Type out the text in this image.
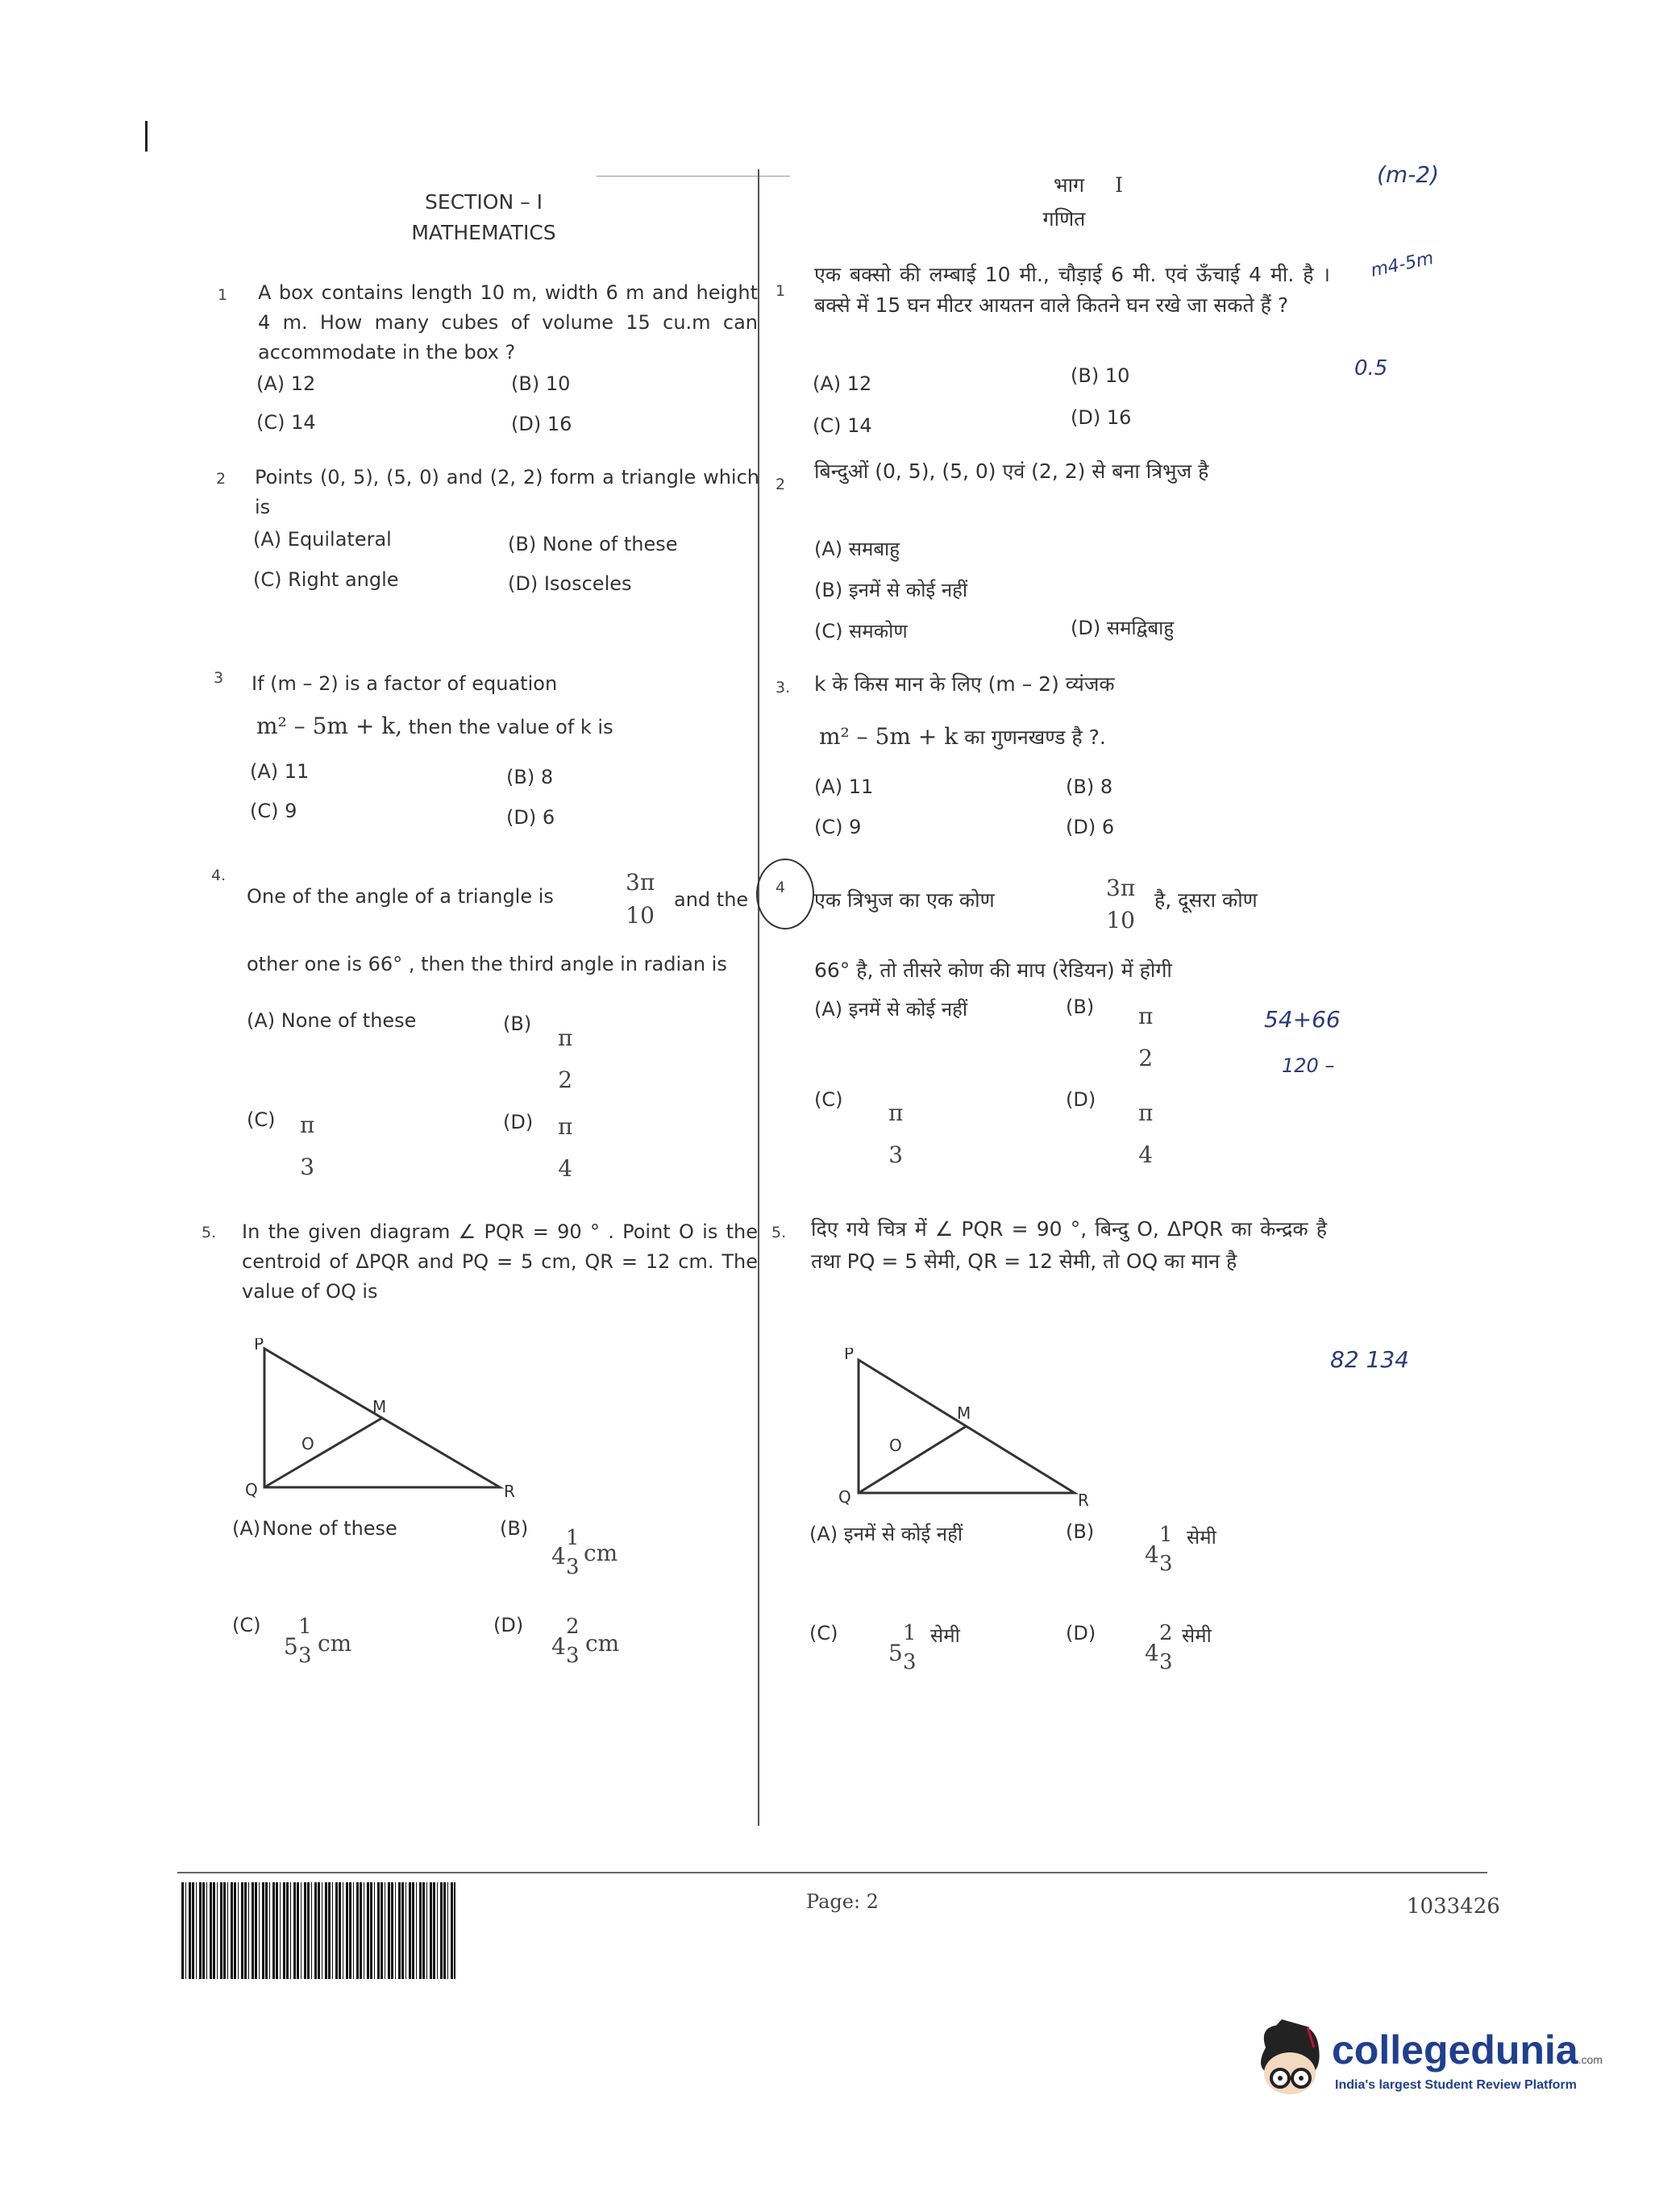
SECTION – I
MATHEMATICS
भाग I
गणित
1 A box contains length 10 m, width 6 m and height 4 m. How many cubes of volume 15 cu.m can accommodate in the box ?
(A) 12	(B) 10
(C) 14	(D) 16
2 Points (0, 5), (5, 0) and (2, 2) form a triangle which is
(A) Equilateral	(B) None of these
(C) Right angle	(D) Isosceles
3 If (m – 2) is a factor of equation
m² – 5m + k, then the value of k is
(A) 11	(B) 8
(C) 9	(D) 6
4.
One of the angle of a triangle is	$\frac{3\pi}{10}$ and the
other one is 66° , then the third angle in radian is
(A) None of these	(B)
π
2
(C) π
3
(D) π
4
5. In the given diagram ∠ PQR = 90 ° . Point O is the centroid of ΔPQR and PQ = 5 cm, QR = 12 cm. The value of OQ is
P
Q	R
M
O
(A)None of these	(B)
4
1
3
cm
(C)
5
1
3 cm
(D)
4
2
3 cm
1
एक बक्सो की लम्बाई 10 मी., चौड़ाई 6 मी. एवं ऊँचाई 4 मी. है । बक्से में 15 घन मीटर आयतन वाले कितने घन रखे जा सकते हैं ?
(A) 12	(B) 10
(C) 14	(D) 16
2
बिन्दुओं (0, 5), (5, 0) एवं (2, 2) से बना त्रिभुज है
(A) समबाहु
(B) इनमें से कोई नहीं
(C) समकोण	(D) समद्विबाहु
3. k के किस मान के लिए (m – 2) व्यंजक
m² – 5m + k का गुणनखण्ड है ?.
(A) 11	(B) 8
(C) 9	(D) 6
4
एक त्रिभुज का एक कोण	3π
10
है, दूसरा कोण
66° है, तो तीसरे कोण की माप (रेडियन) में होगी
(A) इनमें से कोई नहीं	(B) π
2
(C) π
3
(D) π
4
5. दिए गये चित्र में ∠ PQR = 90 °, बिन्दु O, ΔPQR का केन्द्रक है तथा PQ = 5 सेमी, QR = 12 सेमी, तो OQ का मान है
P
Q	R
M
O
(A) इनमें से कोई नहीं	(B)
4
1
3
सेमी
(C)
5
1
3
सेमी	(D)
4
2
3
सेमी
(m-2)
m4-5m
0.5
54+66
120 –
82 134
Page: 2	1033426
collegedunia.com
India's largest Student Review Platform
